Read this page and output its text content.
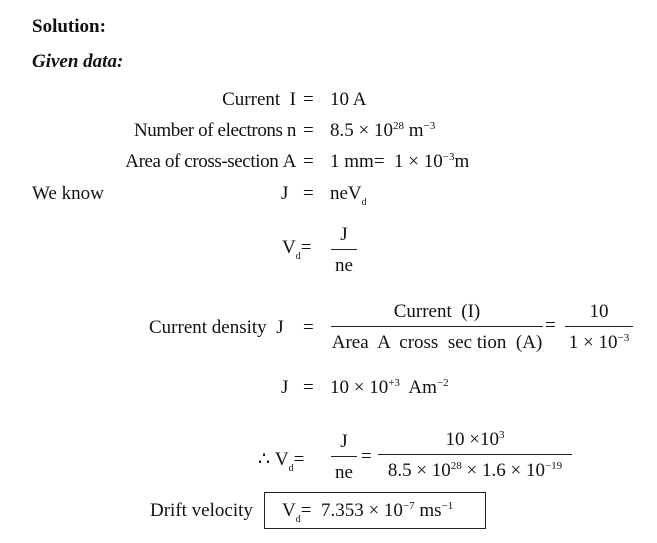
Solution:
Given data:
Current I = 10 A
Number of electrons $n = 8.5 \times 10^{28}$ $m^{-3}$
Area of cross-section A = 1 $mm= 1 \times 10^{-3}m$
We know	J = neV$_d$
$V_d=$
J
ne
Current density J =
Current  (I)
Area  A  cross  sec tion  (A)
=
10
$1 \times 10^{-3}$
$J = 10 \times 10^{+3}$  $Am^{-2}$
∴ $V_d=$
J
ne
=
$10 \times 10^3$
$8.5 \times 10^{28} \times 1.6 \times 10^{-19}$
Drift velocity $V_d= 7.353 \times 10^{-7}$ $ms^{-1}$
